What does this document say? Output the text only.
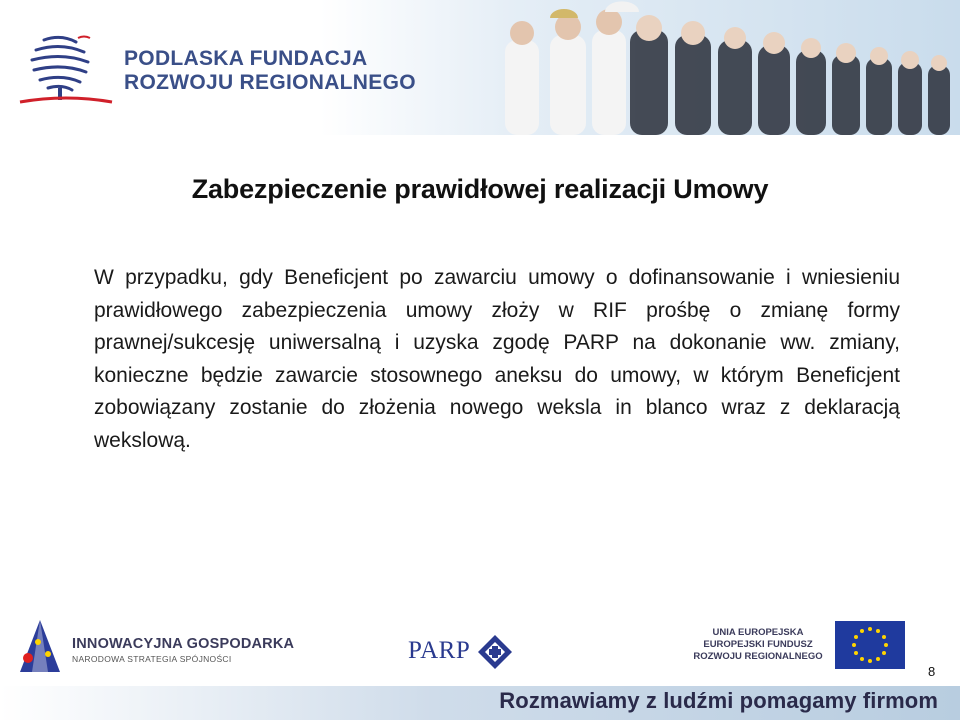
PODLASKA FUNDACJA
ROZWOJU REGIONALNEGO
Zabezpieczenie prawidłowej realizacji Umowy
W przypadku, gdy Beneficjent po zawarciu umowy o dofinansowanie i wniesieniu prawidłowego zabezpieczenia umowy złoży w RIF prośbę o zmianę formy prawnej/sukcesję uniwersalną i uzyska zgodę PARP na dokonanie ww. zmiany, konieczne będzie zawarcie stosownego aneksu do umowy, w którym Beneficjent zobowiązany zostanie do złożenia nowego weksla in blanco wraz z deklaracją wekslową.
INNOWACYJNA GOSPODARKA
NARODOWA STRATEGIA SPÓJNOŚCI	PARP
UNIA EUROPEJSKA
EUROPEJSKI FUNDUSZ
ROZWOJU REGIONALNEGO
8
Rozmawiamy z ludźmi pomagamy firmom
